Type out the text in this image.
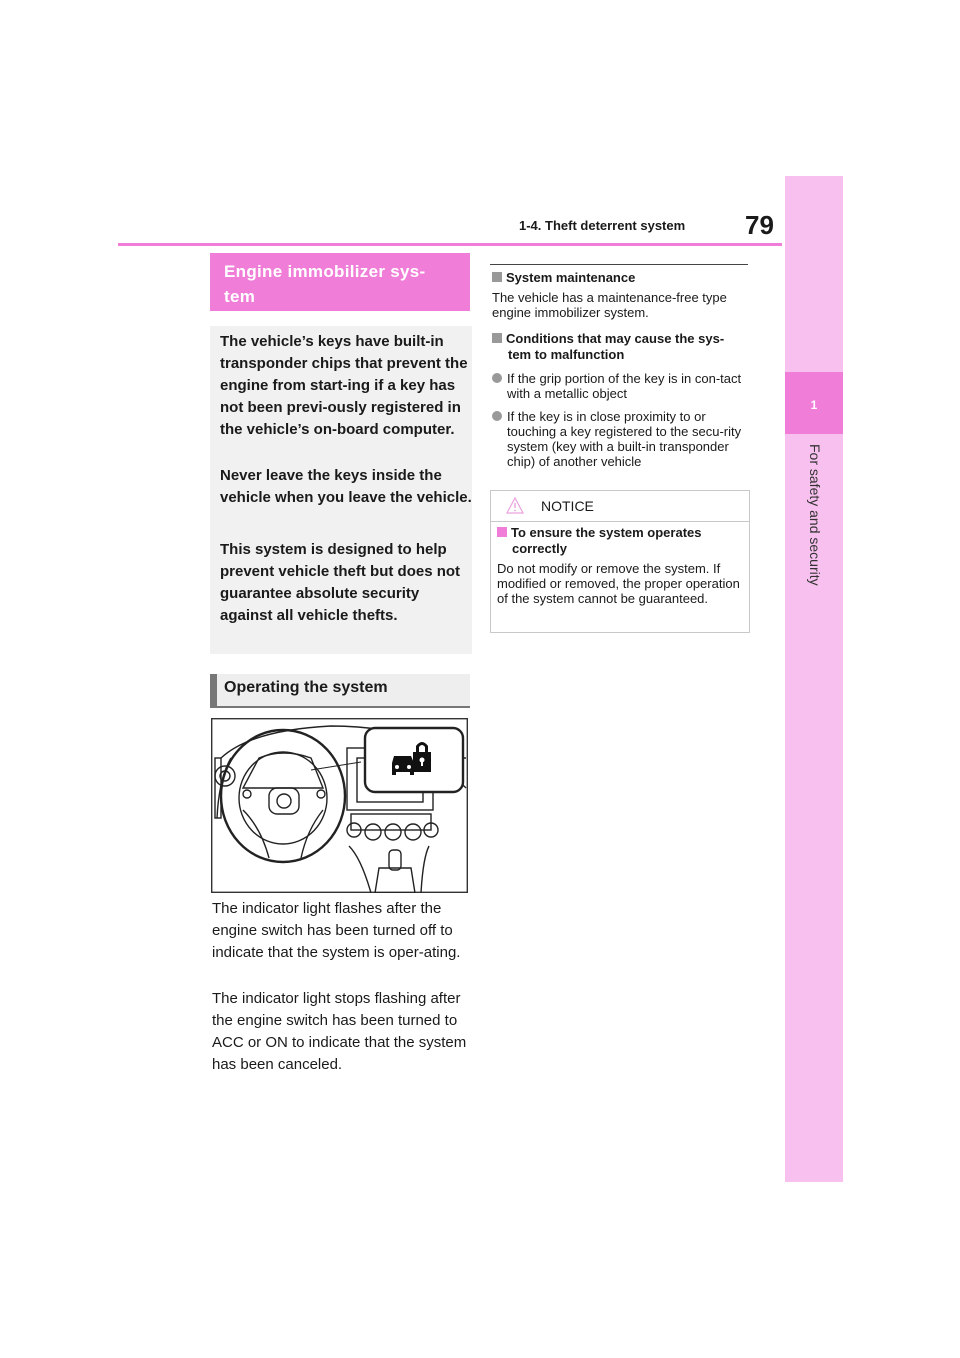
1-4. Theft deterrent system 79
1
For safety and security
Engine immobilizer sys-
tem

The vehicle’s keys have built-in transponder chips that prevent the engine from start-ing if a key has not been previ-ously registered in the vehicle’s on-board computer.

Never leave the keys inside the vehicle when you leave the vehicle.

This system is designed to help prevent vehicle theft but does not guarantee absolute security against all vehicle thefts.

Operating the system

The indicator light flashes after the engine switch has been turned off to indicate that the system is oper-ating.

The indicator light stops flashing after the engine switch has been turned to ACC or ON to indicate that the system has been canceled.

System maintenance

The vehicle has a maintenance-free type engine immobilizer system.

Conditions that may cause the sys-
tem to malfunction
If the grip portion of the key is in con-tact with a metallic object
If the key is in close proximity to or touching a key registered to the secu-rity system (key with a built-in transponder chip) of another vehicle
NOTICE
To ensure the system operates
correctly

Do not modify or remove the system. If modified or removed, the proper operation of the system cannot be guaranteed.
